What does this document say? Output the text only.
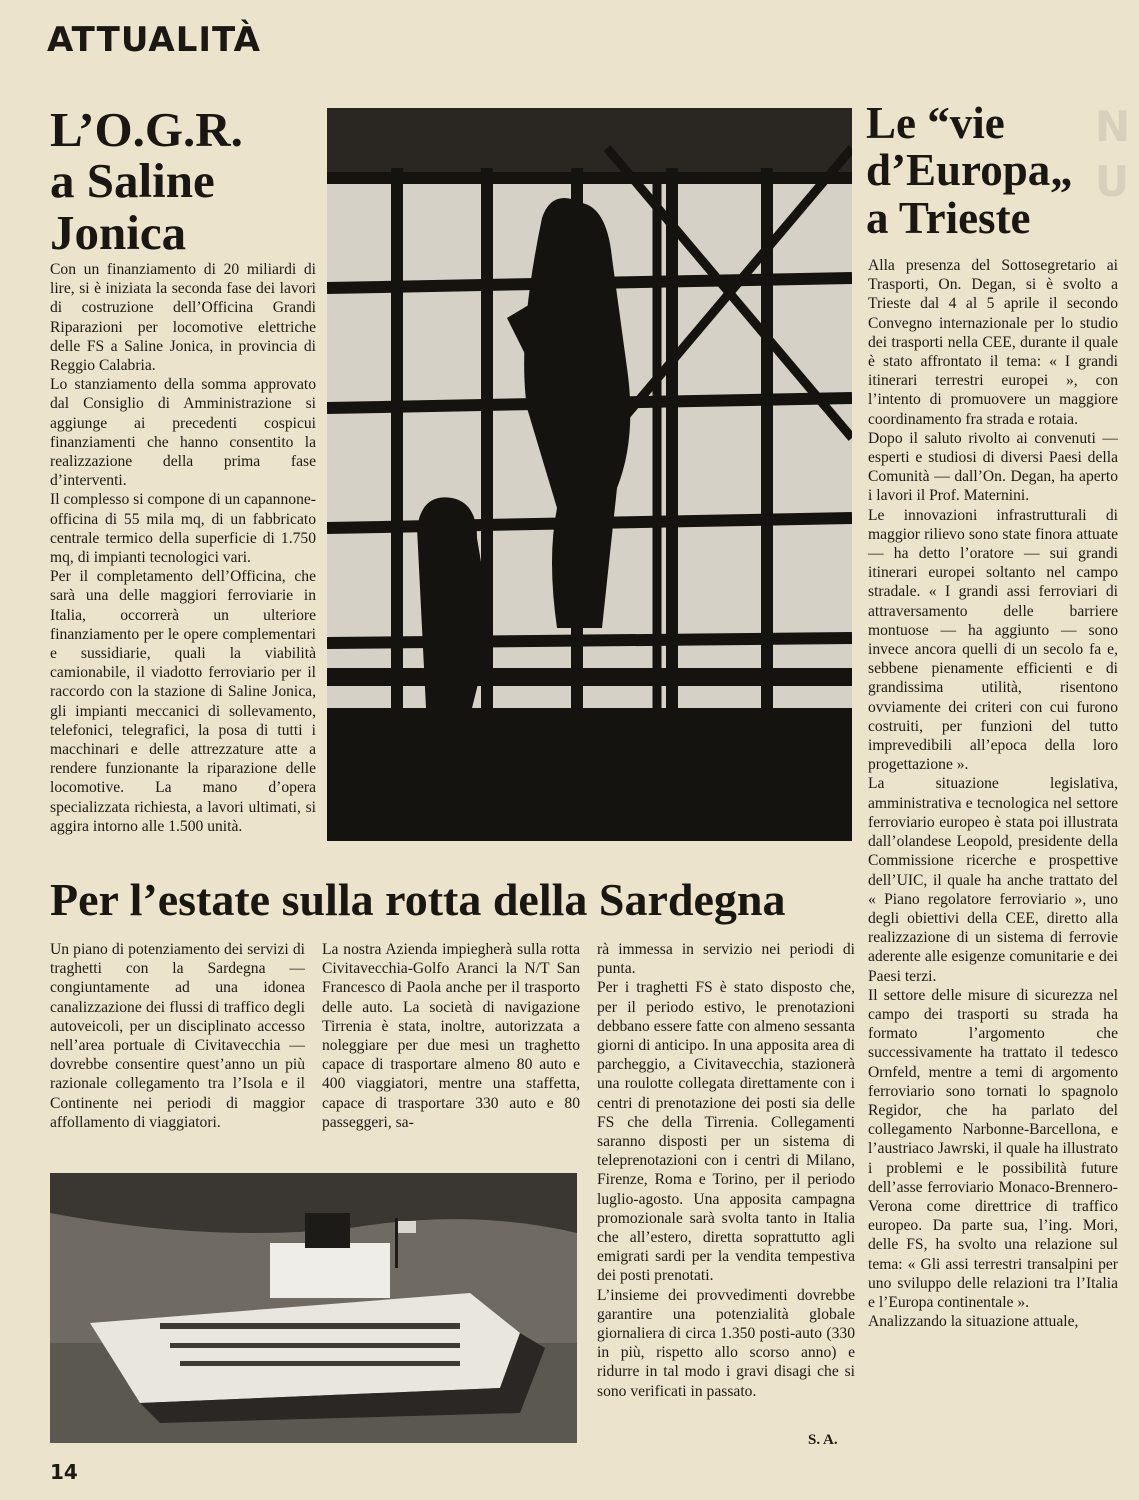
ATTUALITÀ
N
U
L’O.G.R.
a Saline
Jonica

Con un finanziamento di 20 miliardi di lire, si è iniziata la seconda fase dei lavori di costruzione dell’Officina Grandi Riparazioni per locomotive elettriche delle FS a Saline Jonica, in provincia di Reggio Calabria.

Lo stanziamento della somma approvato dal Consiglio di Amministrazione si aggiunge ai precedenti cospicui finanziamenti che hanno consentito la realizzazione della prima fase d’interventi.

Il complesso si compone di un capannone-officina di 55 mila mq, di un fabbricato centrale termico della superficie di 1.750 mq, di impianti tecnologici vari.

Per il completamento dell’Officina, che sarà una delle maggiori ferroviarie in Italia, occorrerà un ulteriore finanziamento per le opere complementari e sussidiarie, quali la viabilità camionabile, il viadotto ferroviario per il raccordo con la stazione di Saline Jonica, gli impianti meccanici di sollevamento, telefonici, telegrafici, la posa di tutti i macchinari e delle attrezzature atte a rendere funzionante la riparazione delle locomotive. La mano d’opera specializzata richiesta, a lavori ultimati, si aggira intorno alle 1.500 unità.

Le “vie
d’Europa„
a Trieste

Alla presenza del Sottosegretario ai Trasporti, On. Degan, si è svolto a Trieste dal 4 al 5 aprile il secondo Convegno internazionale per lo studio dei trasporti nella CEE, durante il quale è stato affrontato il tema: « I grandi itinerari terrestri europei », con l’intento di promuovere un maggiore coordinamento fra strada e rotaia.

Dopo il saluto rivolto ai convenuti — esperti e studiosi di diversi Paesi della Comunità — dall’On. Degan, ha aperto i lavori il Prof. Maternini.

Le innovazioni infrastrutturali di maggior rilievo sono state finora attuate — ha detto l’oratore — sui grandi itinerari europei soltanto nel campo stradale. « I grandi assi ferroviari di attraversamento delle barriere montuose — ha aggiunto — sono invece ancora quelli di un secolo fa e, sebbene pienamente efficienti e di grandissima utilità, risentono ovviamente dei criteri con cui furono costruiti, per funzioni del tutto imprevedibili all’epoca della loro progettazione ».

La situazione legislativa, amministrativa e tecnologica nel settore ferroviario europeo è stata poi illustrata dall’olandese Leopold, presidente della Commissione ricerche e prospettive dell’UIC, il quale ha anche trattato del « Piano regolatore ferroviario », uno degli obiettivi della CEE, diretto alla realizzazione di un sistema di ferrovie aderente alle esigenze comunitarie e dei Paesi terzi.

Il settore delle misure di sicurezza nel campo dei trasporti su strada ha formato l’argomento che successivamente ha trattato il tedesco Ornfeld, mentre a temi di argomento ferroviario sono tornati lo spagnolo Regidor, che ha parlato del collegamento Narbonne-Barcellona, e l’austriaco Jawrski, il quale ha illustrato i problemi e le possibilità future dell’asse ferroviario Monaco-Brennero-Verona come direttrice di traffico europeo. Da parte sua, l’ing. Mori, delle FS, ha svolto una relazione sul tema: « Gli assi terrestri transalpini per uno sviluppo delle relazioni tra l’Italia e l’Europa continentale ».

Analizzando la situazione attuale,

Per l’estate sulla rotta della Sardegna

Un piano di potenziamento dei servizi di traghetti con la Sardegna — congiuntamente ad una idonea canalizzazione dei flussi di traffico degli autoveicoli, per un disciplinato accesso nell’area portuale di Civitavecchia — dovrebbe consentire quest’anno un più razionale collegamento tra l’Isola e il Continente nei periodi di maggior affollamento di viaggiatori.

La nostra Azienda impiegherà sulla rotta Civitavecchia-Golfo Aranci la N/T San Francesco di Paola anche per il trasporto delle auto. La società di navigazione Tirrenia è stata, inoltre, autorizzata a noleggiare per due mesi un traghetto capace di trasportare almeno 80 auto e 400 viaggiatori, mentre una staffetta, capace di trasportare 330 auto e 80 passeggeri, sa-

rà immessa in servizio nei periodi di punta.

Per i traghetti FS è stato disposto che, per il periodo estivo, le prenotazioni debbano essere fatte con almeno sessanta giorni di anticipo. In una apposita area di parcheggio, a Civitavecchia, stazionerà una roulotte collegata direttamente con i centri di prenotazione dei posti sia delle FS che della Tirrenia. Collegamenti saranno disposti per un sistema di teleprenotazioni con i centri di Milano, Firenze, Roma e Torino, per il periodo luglio-agosto. Una apposita campagna promozionale sarà svolta tanto in Italia che all’estero, diretta soprattutto agli emigrati sardi per la vendita tempestiva dei posti prenotati.

L’insieme dei provvedimenti dovrebbe garantire una potenzialità globale giornaliera di circa 1.350 posti-auto (330 in più, rispetto allo scorso anno) e ridurre in tal modo i gravi disagi che si sono verificati in passato.

S. A.
14
